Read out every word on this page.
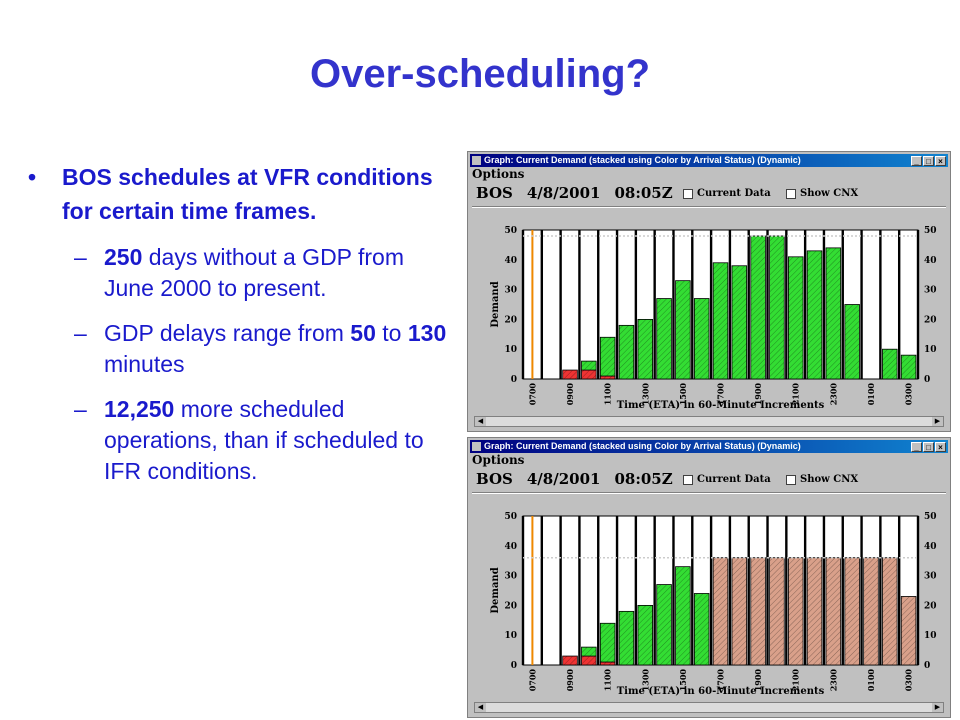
Over-scheduling?
• BOS schedules at VFR conditions for certain time frames.
– 250 days without a GDP from June 2000 to present.
– GDP delays range from 50 to 130 minutes
– 12,250 more scheduled operations, than if scheduled to IFR conditions.
Graph: Current Demand (stacked using Color by Arrival Status) (Dynamic)	_ □ ×
Options
BOS 4/8/2001 08:05Z	Current Data	Show CNX
0	0
10	10
20	20
30	30
40	40
50	50
Demand
0700	0900	1100	1300	1500	1700	1900	2100	2300	0100	0300
Time (ETA) in 60-Minute Increments
◀	▶
Graph: Current Demand (stacked using Color by Arrival Status) (Dynamic)	_ □ ×
Options
BOS 4/8/2001 08:05Z	Current Data	Show CNX
0	0
10	10
20	20
30	30
40	40
50	50
Demand
0700	0900	1100	1300	1500	1700	1900	2100	2300	0100	0300
Time (ETA) in 60-Minute Increments
◀	▶
